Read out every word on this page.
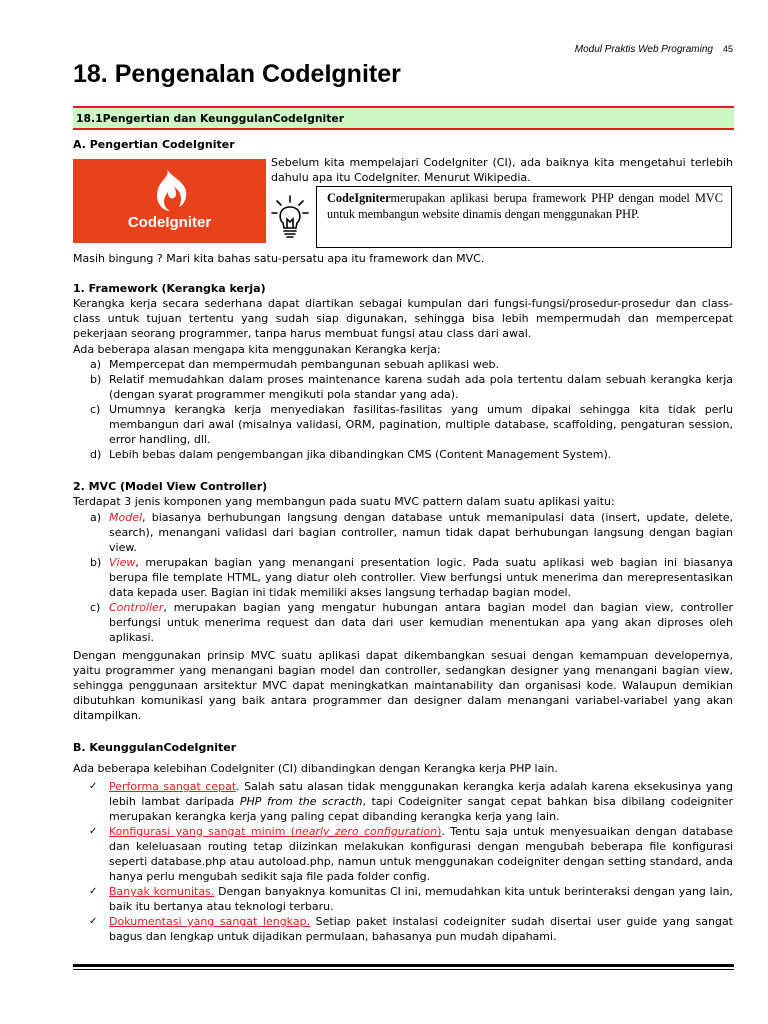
Modul Praktis Web Programing 45
18. Pengenalan CodeIgniter
18.1Pengertian dan KeunggulanCodeIgniter
A. Pengertian CodeIgniter
CodeIgniter
Sebelum kita mempelajari CodeIgniter (CI), ada baiknya kita mengetahui terlebih dahulu apa itu CodeIgniter. Menurut Wikipedia.
CodeIgnitermerupakan aplikasi berupa framework PHP dengan model MVC untuk membangun website dinamis dengan menggunakan PHP.
Masih bingung ? Mari kita bahas satu-persatu apa itu framework dan MVC.
1. Framework (Kerangka kerja)
Kerangka kerja secara sederhana dapat diartikan sebagai kumpulan dari fungsi-fungsi/prosedur-prosedur dan class-class untuk tujuan tertentu yang sudah siap digunakan, sehingga bisa lebih mempermudah dan mempercepat pekerjaan seorang programmer, tanpa harus membuat fungsi atau class dari awal.
Ada beberapa alasan mengapa kita menggunakan Kerangka kerja:
a) Mempercepat dan mempermudah pembangunan sebuah aplikasi web.
b) Relatif memudahkan dalam proses maintenance karena sudah ada pola tertentu dalam sebuah kerangka kerja (dengan syarat programmer mengikuti pola standar yang ada).
c) Umumnya kerangka kerja menyediakan fasilitas-fasilitas yang umum dipakai sehingga kita tidak perlu membangun dari awal (misalnya validasi, ORM, pagination, multiple database, scaffolding, pengaturan session, error handling, dll.
d) Lebih bebas dalam pengembangan jika dibandingkan CMS (Content Management System).
2. MVC (Model View Controller)
Terdapat 3 jenis komponen yang membangun pada suatu MVC pattern dalam suatu aplikasi yaitu:
a) Model, biasanya berhubungan langsung dengan database untuk memanipulasi data (insert, update, delete, search), menangani validasi dari bagian controller, namun tidak dapat berhubungan langsung dengan bagian view.
b) View, merupakan bagian yang menangani presentation logic. Pada suatu aplikasi web bagian ini biasanya berupa file template HTML, yang diatur oleh controller. View berfungsi untuk menerima dan merepresentasikan data kepada user. Bagian ini tidak memiliki akses langsung terhadap bagian model.
c) Controller, merupakan bagian yang mengatur hubungan antara bagian model dan bagian view, controller berfungsi untuk menerima request dan data dari user kemudian menentukan apa yang akan diproses oleh aplikasi.
Dengan menggunakan prinsip MVC suatu aplikasi dapat dikembangkan sesuai dengan kemampuan developernya, yaitu programmer yang menangani bagian model dan controller, sedangkan designer yang menangani bagian view, sehingga penggunaan arsitektur MVC dapat meningkatkan maintanability dan organisasi kode. Walaupun demikian dibutuhkan komunikasi yang baik antara programmer dan designer dalam menangani variabel-variabel yang akan ditampilkan.
B. KeunggulanCodeIgniter
Ada beberapa kelebihan CodeIgniter (CI) dibandingkan dengan Kerangka kerja PHP lain.
✓ Performa sangat cepat. Salah satu alasan tidak menggunakan kerangka kerja adalah karena eksekusinya yang lebih lambat daripada PHP from the scracth, tapi Codeigniter sangat cepat bahkan bisa dibilang codeigniter merupakan kerangka kerja yang paling cepat dibanding kerangka kerja yang lain.
✓ Konfigurasi yang sangat minim (nearly zero configuration). Tentu saja untuk menyesuaikan dengan database dan keleluasaan routing tetap diizinkan melakukan konfigurasi dengan mengubah beberapa file konfigurasi seperti database.php atau autoload.php, namun untuk menggunakan codeigniter dengan setting standard, anda hanya perlu mengubah sedikit saja file pada folder config.
✓ Banyak komunitas. Dengan banyaknya komunitas CI ini, memudahkan kita untuk berinteraksi dengan yang lain, baik itu bertanya atau teknologi terbaru.
✓ Dokumentasi yang sangat lengkap. Setiap paket instalasi codeigniter sudah disertai user guide yang sangat bagus dan lengkap untuk dijadikan permulaan, bahasanya pun mudah dipahami.
